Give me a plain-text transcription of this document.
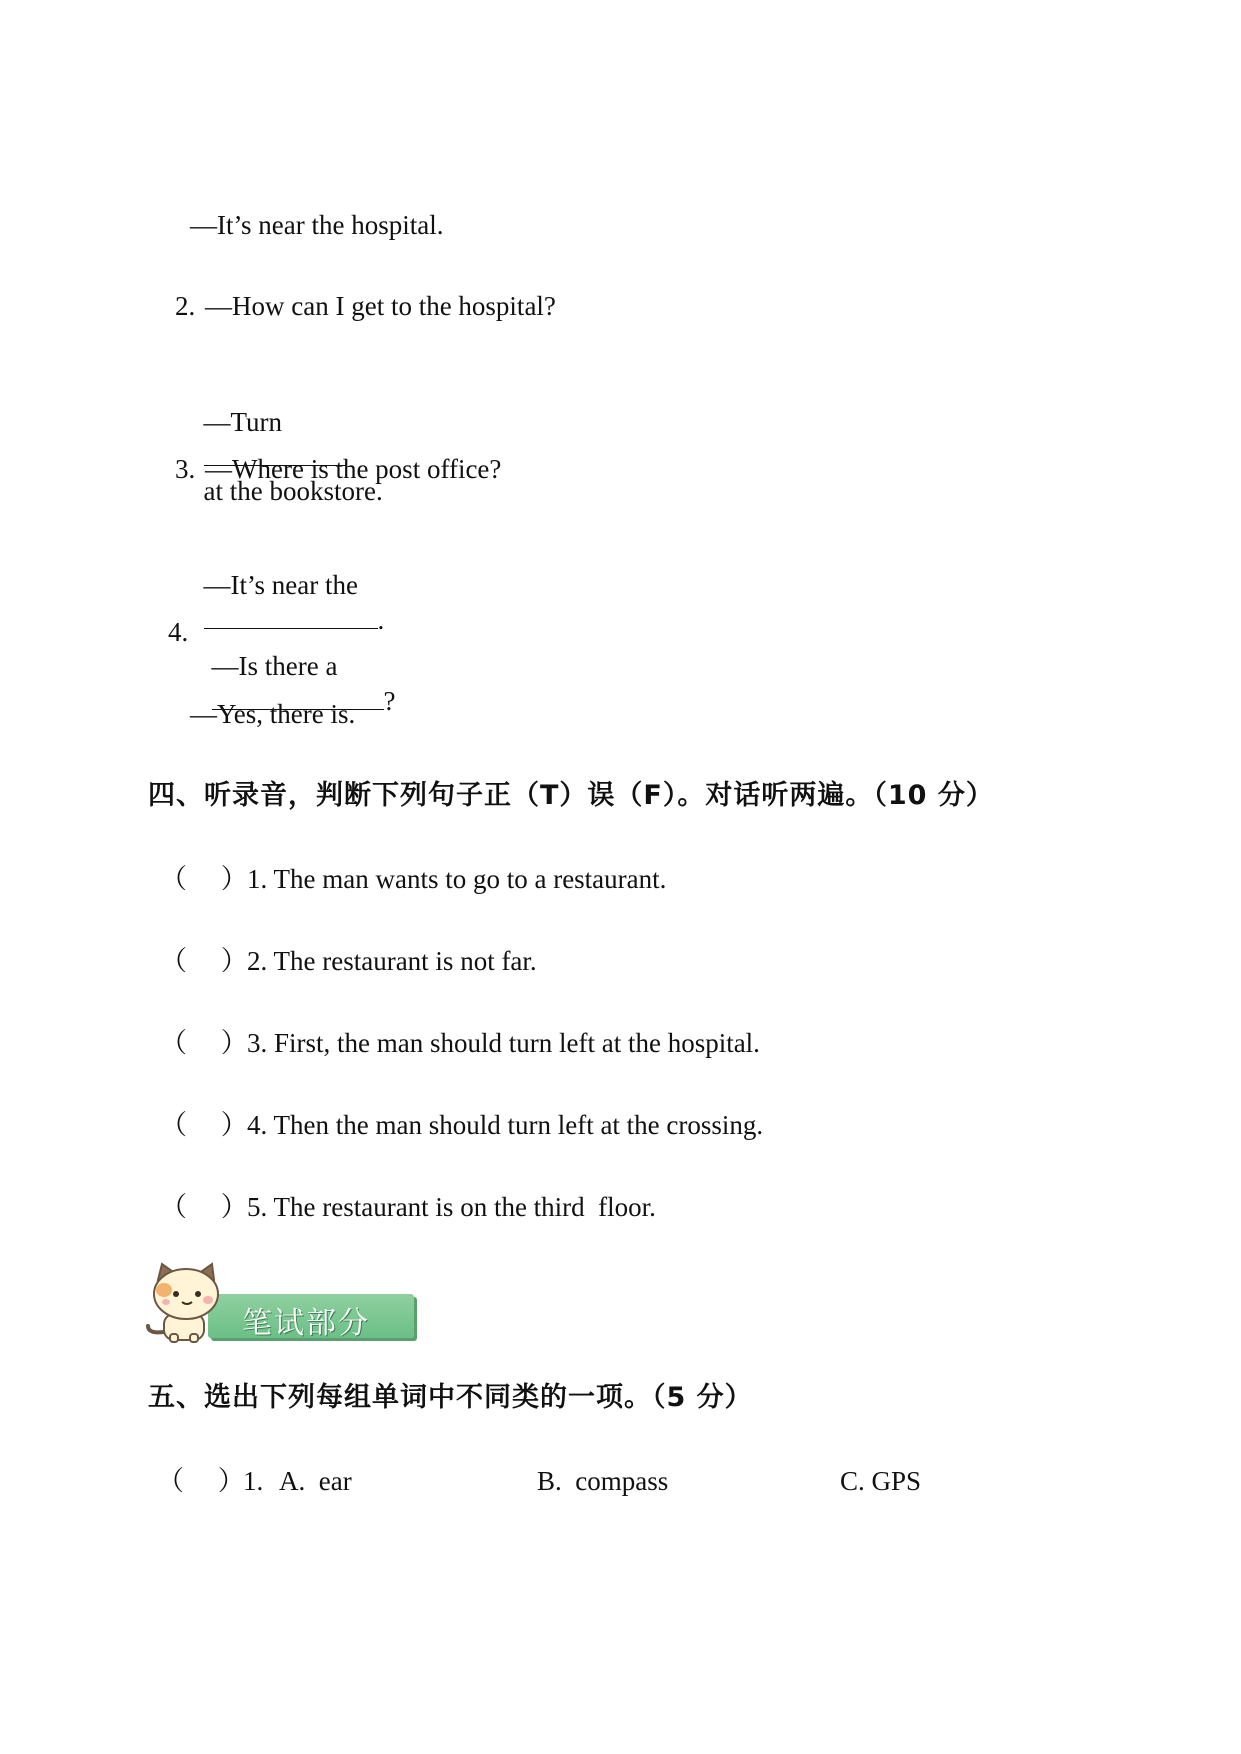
—It’s near the hospital.
2. —How can I get to the hospital?

—Turn

at the bookstore.

3. —Where is the post office?

—It’s near the
.

4.

—Is there a
?

—Yes, there is.
四、听录音，判断下列句子正（T）误（F）。对话听两遍。（10 分）
（     ） 1. The man wants to go to a restaurant.
（     ） 2. The restaurant is not far.
（     ） 3. First, the man should turn left at the hospital.
（     ） 4. Then the man should turn left at the crossing.
（     ） 5. The restaurant is on the third  floor.
笔试部分
五、选出下列每组单词中不同类的一项。（5 分）
（     ）
1. A.  ear	B.  compass	C. GPS
